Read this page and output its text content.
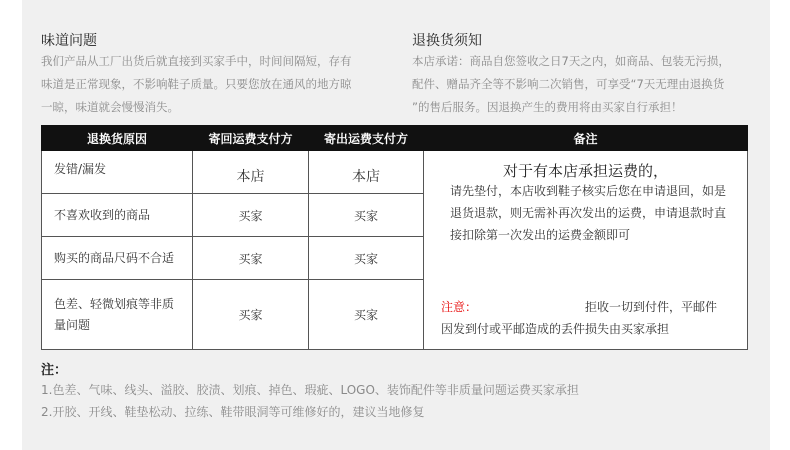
味道问题
我们产品从工厂出货后就直接到买家手中，时间间隔短，存有
味道是正常现象，不影响鞋子质量。只要您放在通风的地方晾
一晾，味道就会慢慢消失。
退换货须知
本店承诺：商品自您签收之日7天之内，如商品、包装无污损，
配件、赠品齐全等不影响二次销售，可享受“7天无理由退换货
”的售后服务。因退换产生的费用将由买家自行承担！
退换货原因	寄回运费支付方	寄出运费支付方	备注
发错/漏发	本店	本店	对于有本店承担运费的，
请先垫付，本店收到鞋子核实后您在申请退回，如是退货退款，则无需补再次发出的运费，申请退款时直接扣除第一次发出的运费金额即可
注意： 拒收一切到付件，平邮件
因发到付或平邮造成的丢件损失由买家承担

不喜欢收到的商品	买家	买家	
购买的商品尺码不合适	买家	买家	
色差、轻微划痕等非质量问题	买家	买家	
注：
1.色差、气味、线头、溢胶、胶渍、划痕、掉色、瑕疵、LOGO、装饰配件等非质量问题运费买家承担
2.开胶、开线、鞋垫松动、拉练、鞋带眼洞等可维修好的，建议当地修复
